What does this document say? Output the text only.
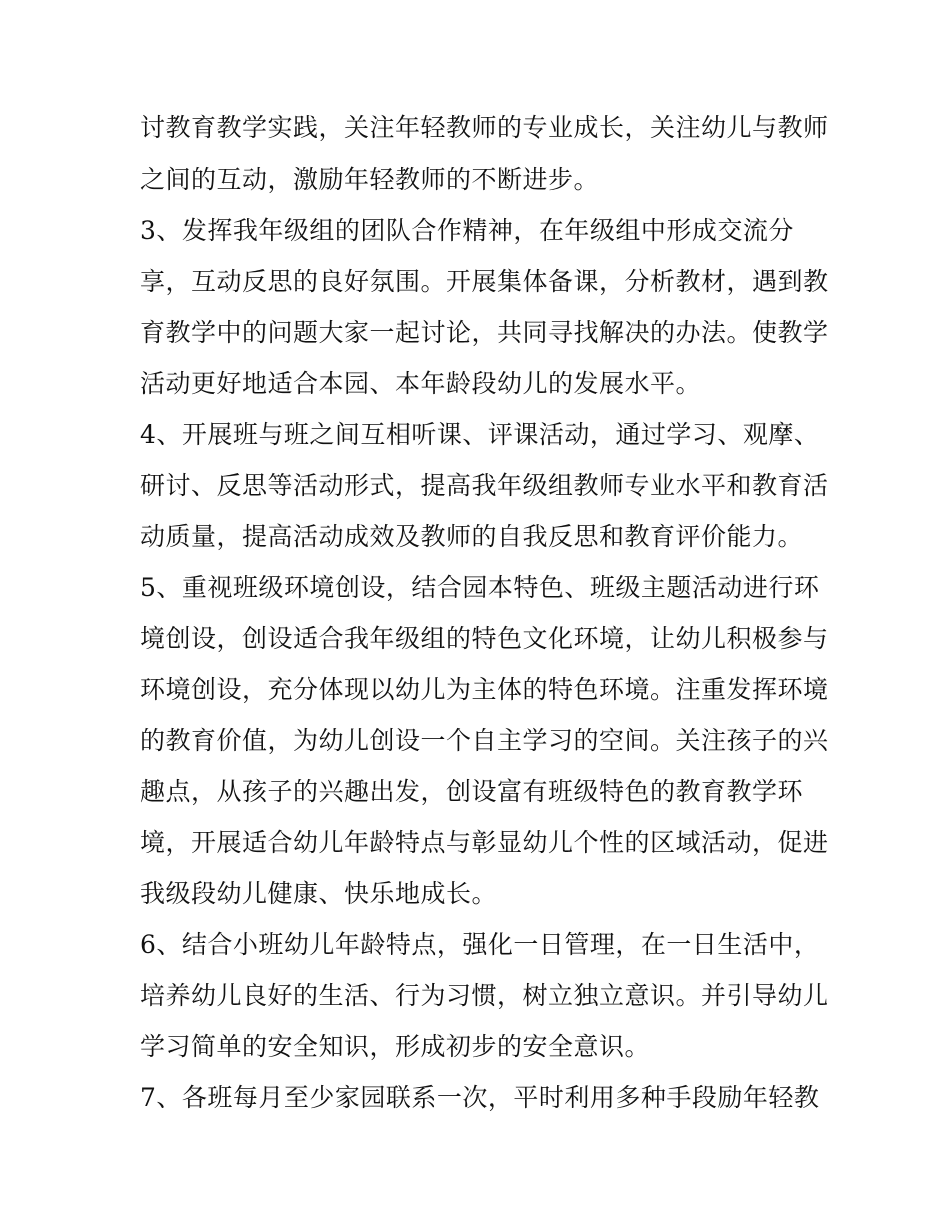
讨教育教学实践，关注年轻教师的专业成长，关注幼儿与教师
之间的互动，激励年轻教师的不断进步。
3、发挥我年级组的团队合作精神，在年级组中形成交流分
享，互动反思的良好氛围。开展集体备课，分析教材，遇到教
育教学中的问题大家一起讨论，共同寻找解决的办法。使教学
活动更好地适合本园、本年龄段幼儿的发展水平。
4、开展班与班之间互相听课、评课活动，通过学习、观摩、
研讨、反思等活动形式，提高我年级组教师专业水平和教育活
动质量，提高活动成效及教师的自我反思和教育评价能力。
5、重视班级环境创设，结合园本特色、班级主题活动进行环
境创设，创设适合我年级组的特色文化环境，让幼儿积极参与
环境创设，充分体现以幼儿为主体的特色环境。注重发挥环境
的教育价值，为幼儿创设一个自主学习的空间。关注孩子的兴
趣点，从孩子的兴趣出发，创设富有班级特色的教育教学环
境，开展适合幼儿年龄特点与彰显幼儿个性的区域活动，促进
我级段幼儿健康、快乐地成长。
6、结合小班幼儿年龄特点，强化一日管理，在一日生活中，
培养幼儿良好的生活、行为习惯，树立独立意识。并引导幼儿
学习简单的安全知识，形成初步的安全意识。
7、各班每月至少家园联系一次，平时利用多种手段励年轻教
